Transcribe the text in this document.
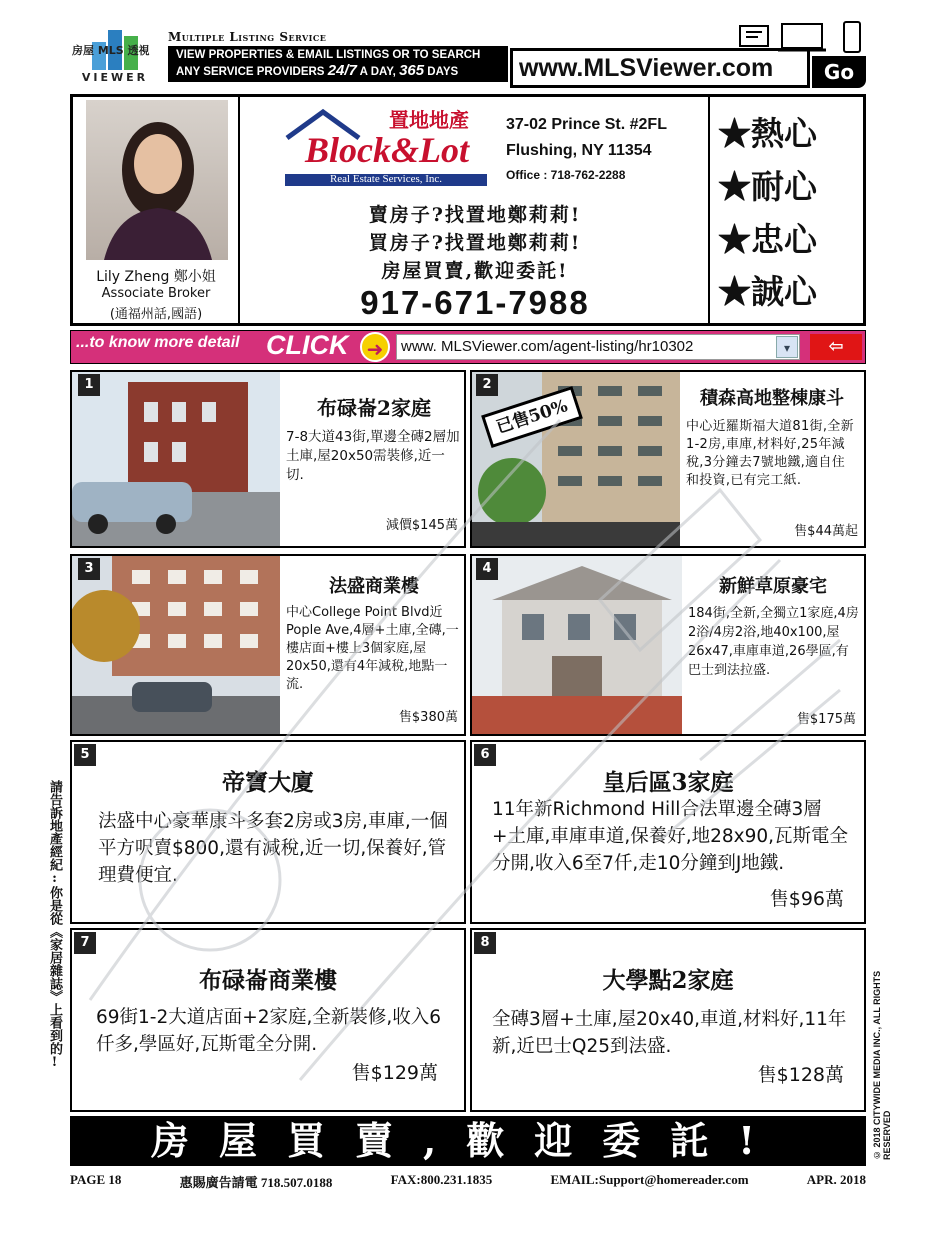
房屋 MLS 透視
VIEWER
Multiple Listing Service
VIEW PROPERTIES & EMAIL LISTINGS OR TO SEARCH
ANY SERVICE PROVIDERS 24/7 A DAY, 365 DAYS	www.MLSViewer.com	Go
Lily Zheng 鄭小姐
Associate Broker
(通福州話,國語)
置地地產
Block&Lot
Real Estate Services, Inc.
37-02 Prince St. #2FL
Flushing, NY 11354
Office : 718-762-2288
賣房子?找置地鄭莉莉!
買房子?找置地鄭莉莉!
房屋買賣,歡迎委託!
917-671-7988
★熱心
★耐心
★忠心
★誠心
...to know more detail CLICK ➜	www. MLSViewer.com/agent-listing/hr10302	▾	⇦
1
布碌崙2家庭
7-8大道43街,單邊全磚2層加土庫,屋20x50需裝修,近一切.
減價$145萬
2
已售50%	積森高地整棟康斗
中心近羅斯福大道81街,全新1-2房,車庫,材料好,25年減稅,3分鐘去7號地鐵,適自住和投資,已有完工紙.
售$44萬起
3
法盛商業樓
中心College Point Blvd近Pople Ave,4層+土庫,全磚,一樓店面+樓上3個家庭,屋20x50,還有4年減稅,地點一流.
售$380萬
4
新鮮草原豪宅
184街,全新,全獨立1家庭,4房2浴/4房2浴,地40x100,屋26x47,車庫車道,26學區,有巴士到法拉盛.
售$175萬
5
帝寶大廈
法盛中心豪華康斗多套2房或3房,車庫,一個平方呎賣$800,還有減稅,近一切,保養好,管理費便宜.
6
皇后區3家庭
11年新Richmond Hill合法單邊全磚3層+土庫,車庫車道,保養好,地28x90,瓦斯電全分開,收入6至7仟,走10分鐘到J地鐵.
售$96萬
7
布碌崙商業樓
69街1-2大道店面+2家庭,全新裝修,收入6仟多,學區好,瓦斯電全分開.
售$129萬
8
大學點2家庭
全磚3層+土庫,屋20x40,車道,材料好,11年新,近巴士Q25到法盛.
售$128萬
請告訴地產經紀:你是從《家居雜誌》上看到的!	© 2018 CITYWIDE MEDIA INC., ALL RIGHTS RESERVED
房屋買賣,歡迎委託!
PAGE 18	惠賜廣告請電 718.507.0188	FAX:800.231.1835	EMAIL:Support@homereader.com	APR. 2018
